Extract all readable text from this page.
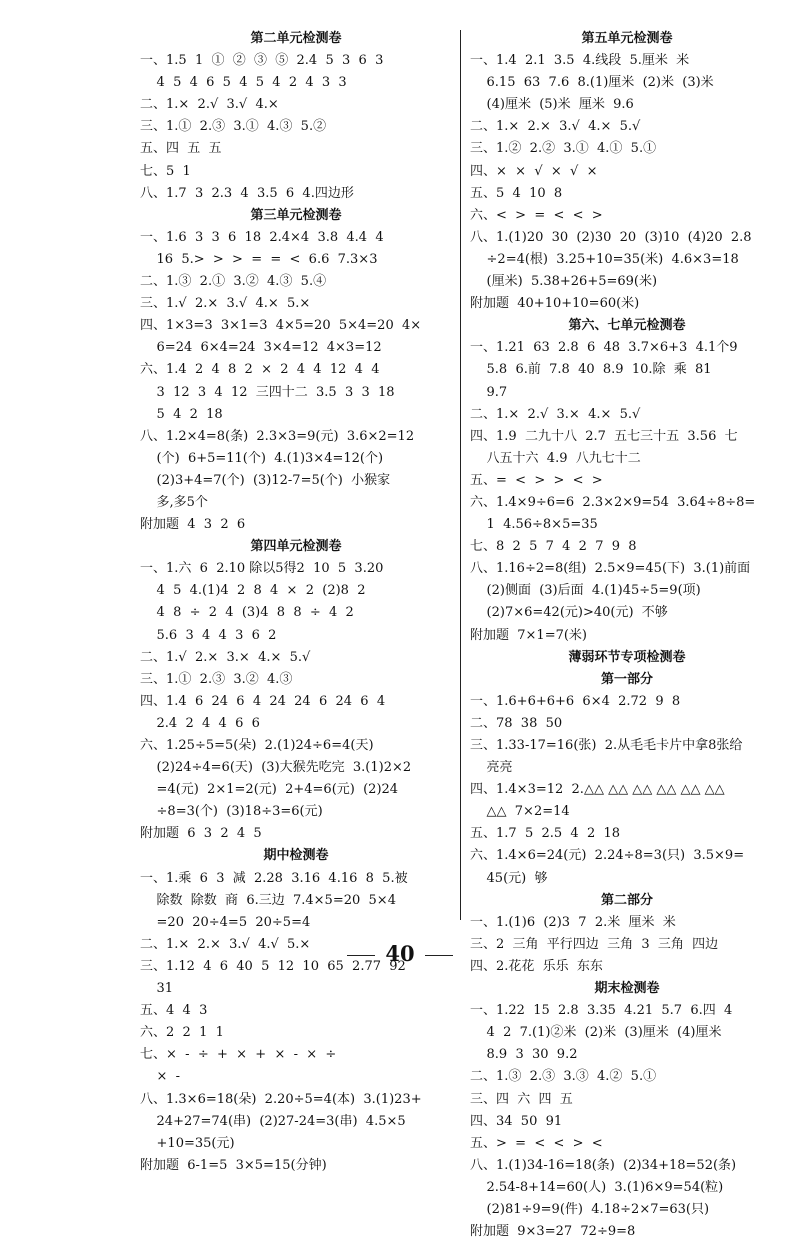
第二单元检测卷
一、1.5  1  ①  ②  ③  ⑤  2.4  5  3  6  3
4  5  4  6  5  4  5  4  2  4  3  3
二、1.×  2.√  3.√  4.×
三、1.①  2.③  3.①  4.③  5.②
五、四  五  五
七、5  1
八、1.7  3  2.3  4  3.5  6  4.四边形
第三单元检测卷
一、1.6  3  3  6  18  2.4×4  3.8  4.4  4
16  5.>  >  >  =  =  <  6.6  7.3×3
二、1.③  2.①  3.②  4.③  5.④
三、1.√  2.×  3.√  4.×  5.×
四、1×3=3  3×1=3  4×5=20  5×4=20  4×
6=24  6×4=24  3×4=12  4×3=12
六、1.4  2  4  8  2  ×  2  4  4  12  4  4
3  12  3  4  12  三四十二  3.5  3  3  18
5  4  2  18
八、1.2×4=8(条)  2.3×3=9(元)  3.6×2=12
(个)  6+5=11(个)  4.(1)3×4=12(个)
(2)3+4=7(个)  (3)12-7=5(个)  小猴家
多,多5个
附加题  4  3  2  6
第四单元检测卷
一、1.六  6  2.10 除以5得2  10  5  3.20
4  5  4.(1)4  2  8  4  ×  2  (2)8  2
4  8  ÷  2  4  (3)4  8  8  ÷  4  2
5.6  3  4  4  3  6  2
二、1.√  2.×  3.×  4.×  5.√
三、1.①  2.③  3.②  4.③
四、1.4  6  24  6  4  24  24  6  24  6  4
2.4  2  4  4  6  6
六、1.25÷5=5(朵)  2.(1)24÷6=4(天)
(2)24÷4=6(天)  (3)大猴先吃完  3.(1)2×2
=4(元)  2×1=2(元)  2+4=6(元)  (2)24
÷8=3(个)  (3)18÷3=6(元)
附加题  6  3  2  4  5
期中检测卷
一、1.乘  6  3  减  2.28  3.16  4.16  8  5.被
除数  除数  商  6.三边  7.4×5=20  5×4
=20  20÷4=5  20÷5=4
二、1.×  2.×  3.√  4.√  5.×
三、1.12  4  6  40  5  12  10  65  2.77  92
31
五、4  4  3
六、2  2  1  1
七、×  -  ÷  +  ×  +  ×  -  ×  ÷
×  -
八、1.3×6=18(朵)  2.20÷5=4(本)  3.(1)23+
24+27=74(串)  (2)27-24=3(串)  4.5×5
+10=35(元)
附加题  6-1=5  3×5=15(分钟)
第五单元检测卷
一、1.4  2.1  3.5  4.线段  5.厘米  米
6.15  63  7.6  8.(1)厘米  (2)米  (3)米
(4)厘米  (5)米  厘米  9.6
二、1.×  2.×  3.√  4.×  5.√
三、1.②  2.②  3.①  4.①  5.①
四、×  ×  √  ×  √  ×
五、5  4  10  8
六、<  >  =  <  <  >
八、1.(1)20  30  (2)30  20  (3)10  (4)20  2.8
÷2=4(根)  3.25+10=35(米)  4.6×3=18
(厘米)  5.38+26+5=69(米)
附加题  40+10+10=60(米)
第六、七单元检测卷
一、1.21  63  2.8  6  48  3.7×6+3  4.1个9
5.8  6.前  7.8  40  8.9  10.除  乘  81
9.7
二、1.×  2.√  3.×  4.×  5.√
四、1.9  二九十八  2.7  五七三十五  3.56  七
八五十六  4.9  八九七十二
五、=  <  >  >  <  >
六、1.4×9÷6=6  2.3×2×9=54  3.64÷8÷8=
1  4.56÷8×5=35
七、8  2  5  7  4  2  7  9  8
八、1.16÷2=8(组)  2.5×9=45(下)  3.(1)前面
(2)侧面  (3)后面  4.(1)45÷5=9(项)
(2)7×6=42(元)>40(元)  不够
附加题  7×1=7(米)
薄弱环节专项检测卷
第一部分
一、1.6+6+6+6  6×4  2.72  9  8
二、78  38  50
三、1.33-17=16(张)  2.从毛毛卡片中拿8张给
亮亮
四、1.4×3=12  2.△△ △△ △△ △△ △△ △△
△△  7×2=14
五、1.7  5  2.5  4  2  18
六、1.4×6=24(元)  2.24÷8=3(只)  3.5×9=
45(元)  够
第二部分
一、1.(1)6  (2)3  7  2.米  厘米  米
三、2  三角  平行四边  三角  3  三角  四边
四、2.花花  乐乐  东东
期末检测卷
一、1.22  15  2.8  3.35  4.21  5.7  6.四  4
4  2  7.(1)②米  (2)米  (3)厘米  (4)厘米
8.9  3  30  9.2
二、1.③  2.③  3.③  4.②  5.①
三、四  六  四  五
四、34  50  91
五、>  =  <  <  >  <
八、1.(1)34-16=18(条)  (2)34+18=52(条)
2.54-8+14=60(人)  3.(1)6×9=54(粒)
(2)81÷9=9(件)  4.18÷2×7=63(只)
附加题  9×3=27  72÷9=8
40
